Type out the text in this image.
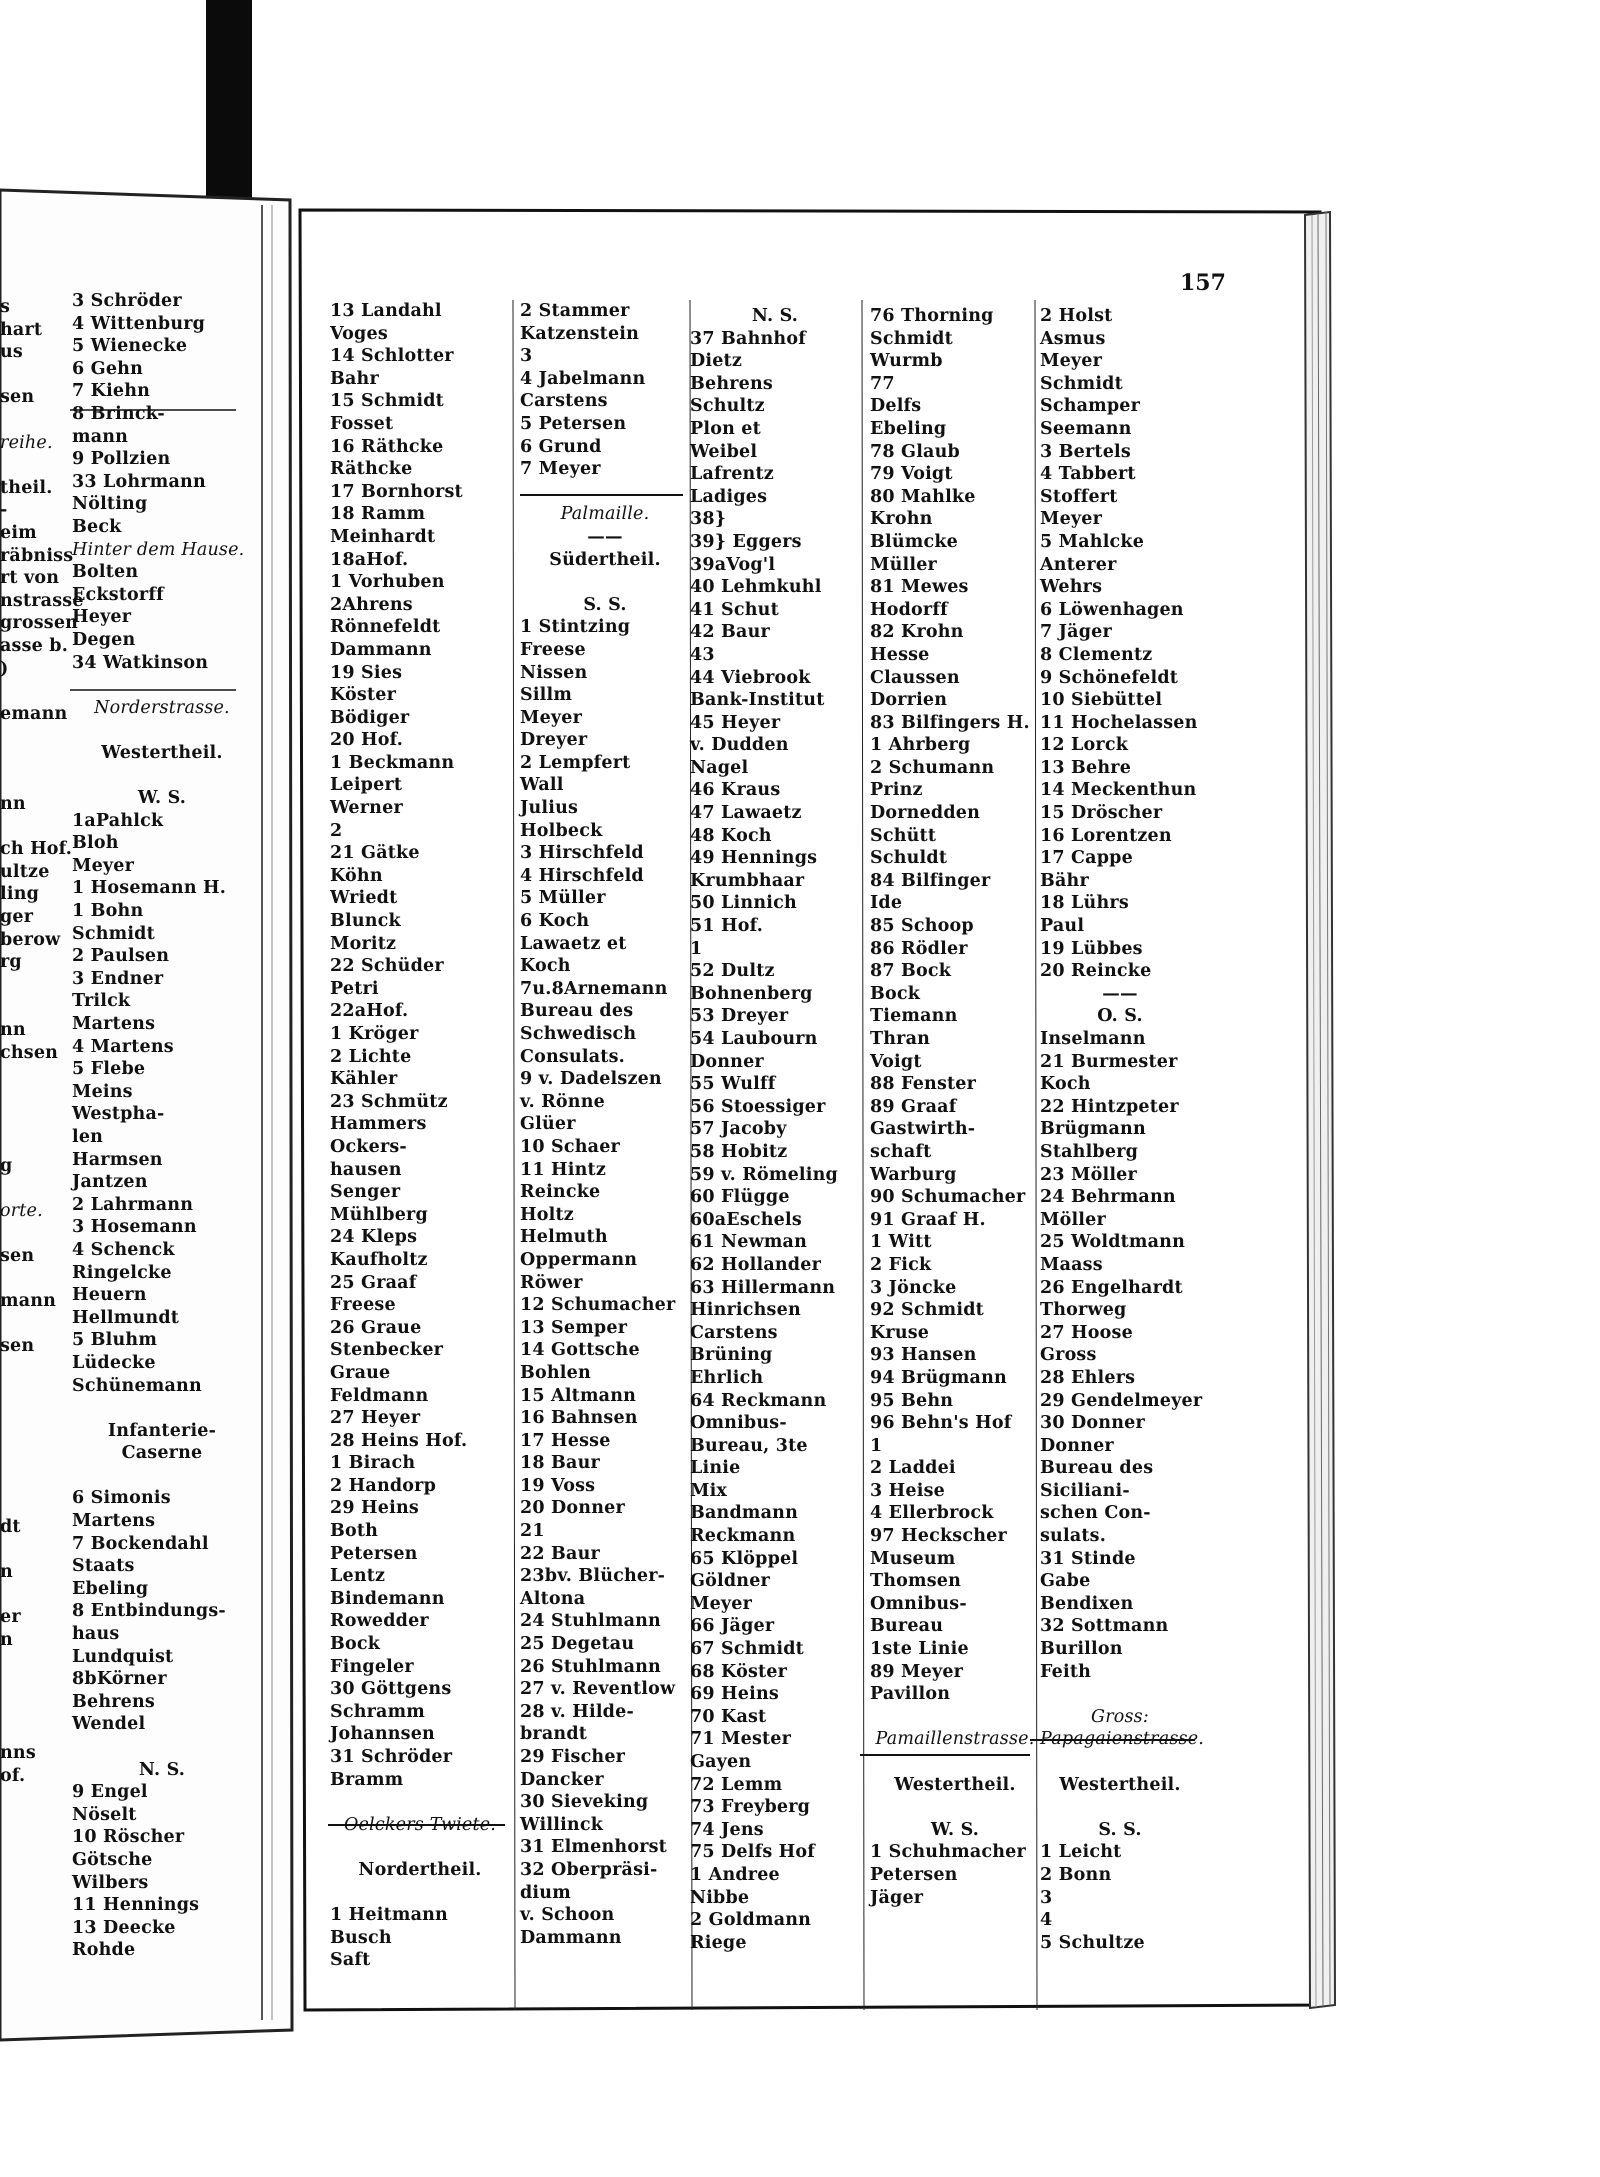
157
s
hart
us
sen
reihe.
theil.
-
eim
räbniss
rt von
nstrasse
grossen
asse b.
)
emann
nn
ch Hof.
ultze
ling
ger
berow
rg
nn
chsen
g
orte.
sen
mann
sen
dt
n
er
n
nns
of.
3 Schröder
4 Wittenburg
5 Wienecke
6 Gehn
7 Kiehn
8 Brinck-
mann
9 Pollzien
33 Lohrmann
Nölting
Beck
Hinter dem Hause.
Bolten
Eckstorff
Heyer
Degen
34 Watkinson
Norderstrasse.
Westertheil.
W. S.
1aPahlck
Bloh
Meyer
1 Hosemann H.
1 Bohn
Schmidt
2 Paulsen
3 Endner
Trilck
Martens
4 Martens
5 Flebe
Meins
Westpha-
len
Harmsen
Jantzen
2 Lahrmann
3 Hosemann
4 Schenck
Ringelcke
Heuern
Hellmundt
5 Bluhm
Lüdecke
Schünemann
Infanterie-
Caserne
6 Simonis
Martens
7 Bockendahl
Staats
Ebeling
8 Entbindungs-
haus
Lundquist
8bKörner
Behrens
Wendel
N. S.
9 Engel
Nöselt
10 Röscher
Götsche
Wilbers
11 Hennings
13 Deecke
Rohde
13 Landahl
Voges
14 Schlotter
Bahr
15 Schmidt
Fosset
16 Räthcke
Räthcke
17 Bornhorst
18 Ramm
Meinhardt
18aHof.
1 Vorhuben
2Ahrens
Rönnefeldt
Dammann
19 Sies
Köster
Bödiger
20 Hof.
1 Beckmann
Leipert
Werner
2
21 Gätke
Köhn
Wriedt
Blunck
Moritz
22 Schüder
Petri
22aHof.
1 Kröger
2 Lichte
Kähler
23 Schmütz
Hammers
Ockers-
hausen
Senger
Mühlberg
24 Kleps
Kaufholtz
25 Graaf
Freese
26 Graue
Stenbecker
Graue
Feldmann
27 Heyer
28 Heins Hof.
1 Birach
2 Handorp
29 Heins
Both
Petersen
Lentz
Bindemann
Rowedder
Bock
Fingeler
30 Göttgens
Schramm
Johannsen
31 Schröder
Bramm
Oelckers Twiete.
Nordertheil.
1 Heitmann
Busch
Saft
2 Stammer
Katzenstein
3
4 Jabelmann
Carstens
5 Petersen
6 Grund
7 Meyer
Palmaille.
——
Südertheil.
S. S.
1 Stintzing
Freese
Nissen
Sillm
Meyer
Dreyer
2 Lempfert
Wall
Julius
Holbeck
3 Hirschfeld
4 Hirschfeld
5 Müller
6 Koch
Lawaetz et
Koch
7u.8Arnemann
Bureau des
Schwedisch
Consulats.
9 v. Dadelszen
v. Rönne
Glüer
10 Schaer
11 Hintz
Reincke
Holtz
Helmuth
Oppermann
Röwer
12 Schumacher
13 Semper
14 Gottsche
Bohlen
15 Altmann
16 Bahnsen
17 Hesse
18 Baur
19 Voss
20 Donner
21
22 Baur
23bv. Blücher-
Altona
24 Stuhlmann
25 Degetau
26 Stuhlmann
27 v. Reventlow
28 v. Hilde-
brandt
29 Fischer
Dancker
30 Sieveking
Willinck
31 Elmenhorst
32 Oberpräsi-
dium
v. Schoon
Dammann
N. S.
37 Bahnhof
Dietz
Behrens
Schultz
Plon et
Weibel
Lafrentz
Ladiges
38}
39} Eggers
39aVog'l
40 Lehmkuhl
41 Schut
42 Baur
43
44 Viebrook
Bank-Institut
45 Heyer
v. Dudden
Nagel
46 Kraus
47 Lawaetz
48 Koch
49 Hennings
Krumbhaar
50 Linnich
51 Hof.
1
52 Dultz
Bohnenberg
53 Dreyer
54 Laubourn
Donner
55 Wulff
56 Stoessiger
57 Jacoby
58 Hobitz
59 v. Römeling
60 Flügge
60aEschels
61 Newman
62 Hollander
63 Hillermann
Hinrichsen
Carstens
Brüning
Ehrlich
64 Reckmann
Omnibus-
Bureau, 3te
Linie
Mix
Bandmann
Reckmann
65 Klöppel
Göldner
Meyer
66 Jäger
67 Schmidt
68 Köster
69 Heins
70 Kast
71 Mester
Gayen
72 Lemm
73 Freyberg
74 Jens
75 Delfs Hof
1 Andree
Nibbe
2 Goldmann
Riege
76 Thorning
Schmidt
Wurmb
77
Delfs
Ebeling
78 Glaub
79 Voigt
80 Mahlke
Krohn
Blümcke
Müller
81 Mewes
Hodorff
82 Krohn
Hesse
Claussen
Dorrien
83 Bilfingers H.
1 Ahrberg
2 Schumann
Prinz
Dornedden
Schütt
Schuldt
84 Bilfinger
Ide
85 Schoop
86 Rödler
87 Bock
Bock
Tiemann
Thran
Voigt
88 Fenster
89 Graaf
Gastwirth-
schaft
Warburg
90 Schumacher
91 Graaf H.
1 Witt
2 Fick
3 Jöncke
92 Schmidt
Kruse
93 Hansen
94 Brügmann
95 Behn
96 Behn's Hof
1
2 Laddei
3 Heise
4 Ellerbrock
97 Heckscher
Museum
Thomsen
Omnibus-
Bureau
1ste Linie
89 Meyer
Pavillon
Pamaillenstrasse.
Westertheil.
W. S.
1 Schuhmacher
Petersen
Jäger
2 Holst
Asmus
Meyer
Schmidt
Schamper
Seemann
3 Bertels
4 Tabbert
Stoffert
Meyer
5 Mahlcke
Anterer
Wehrs
6 Löwenhagen
7 Jäger
8 Clementz
9 Schönefeldt
10 Siebüttel
11 Hochelassen
12 Lorck
13 Behre
14 Meckenthun
15 Dröscher
16 Lorentzen
17 Cappe
Bähr
18 Lührs
Paul
19 Lübbes
20 Reincke
——
O. S.
Inselmann
21 Burmester
Koch
22 Hintzpeter
Brügmann
Stahlberg
23 Möller
24 Behrmann
Möller
25 Woldtmann
Maass
26 Engelhardt
Thorweg
27 Hoose
Gross
28 Ehlers
29 Gendelmeyer
30 Donner
Donner
Bureau des
Siciliani-
schen Con-
sulats.
31 Stinde
Gabe
Bendixen
32 Sottmann
Burillon
Feith
Gross:
Papagaienstrasse.
Westertheil.
S. S.
1 Leicht
2 Bonn
3
4
5 Schultze
